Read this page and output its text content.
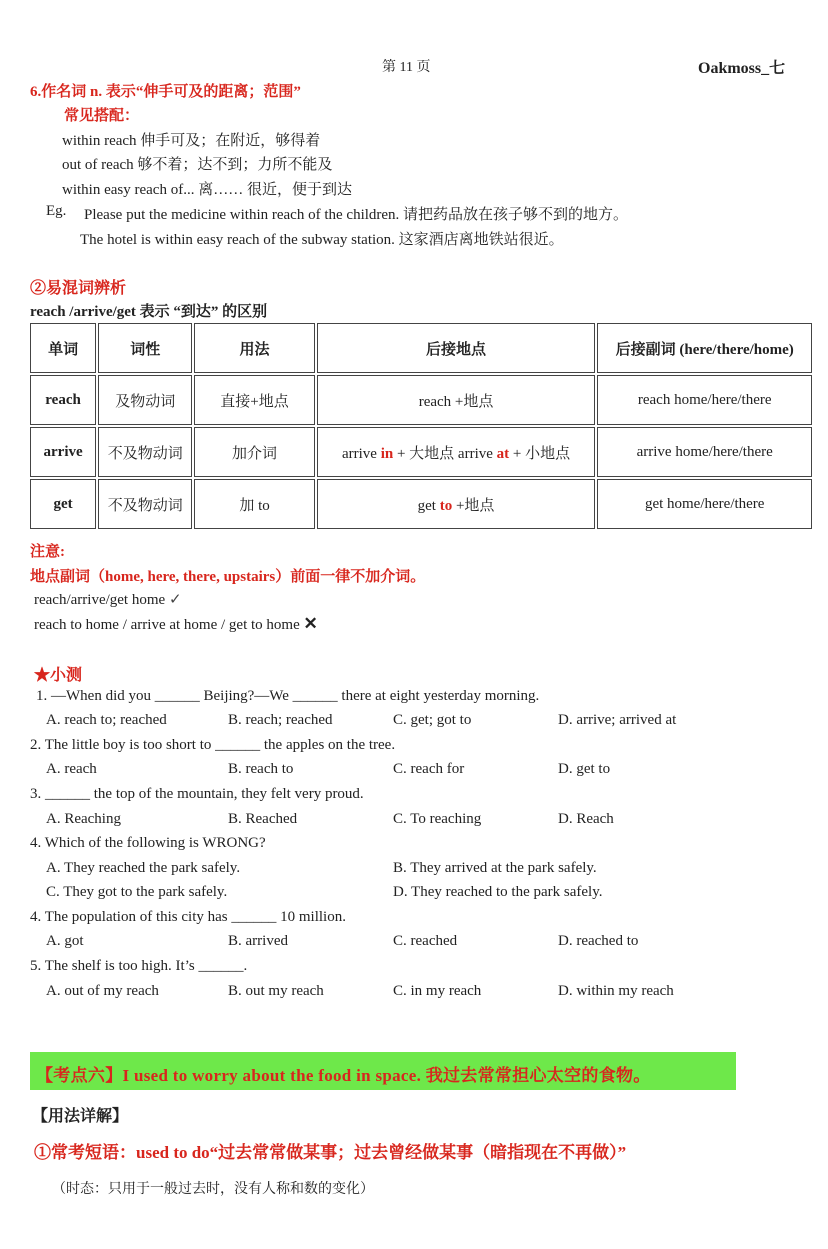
第 11 页	Oakmoss_七
6.作名词 n. 表示“伸手可及的距离；范围”
常见搭配：
within reach 伸手可及；在附近，够得着
out of reach 够不着；达不到；力所不能及
within easy reach of... 离…… 很近，便于到达
Eg. Please put the medicine within reach of the children. 请把药品放在孩子够不到的地方。
The hotel is within easy reach of the subway station. 这家酒店离地铁站很近。
②易混词辨析
reach /arrive/get 表示 “到达” 的区别
单词	词性	用法	后接地点	后接副词 (here/there/home)
reach	及物动词	直接+地点	reach +地点	reach home/here/there
arrive	不及物动词	加介词	arrive in + 大地点 arrive at + 小地点	arrive home/here/there
get	不及物动词	加 to	get to +地点	get home/here/there
注意:
地点副词（home, here, there, upstairs）前面一律不加介词。
reach/arrive/get home ✓
reach to home / arrive at home / get to home ✕
★小测
1. —When did you ______ Beijing?—We ______ there at eight yesterday morning.
A. reach to; reached	B. reach; reached	C. get; got to	D. arrive; arrived at
2. The little boy is too short to ______ the apples on the tree.
A. reach	B. reach to	C. reach for	D. get to
3. ______ the top of the mountain, they felt very proud.
A. Reaching	B. Reached	C. To reaching	D. Reach
4. Which of the following is WRONG?
A. They reached the park safely.	B. They arrived at the park safely.
C. They got to the park safely.	D. They reached to the park safely.
4. The population of this city has ______ 10 million.
A. got	B. arrived	C. reached	D. reached to
5. The shelf is too high. It’s ______.
A. out of my reach	B. out my reach	C. in my reach	D. within my reach
【考点六】I used to worry about the food in space. 我过去常常担心太空的食物。
【用法详解】
①常考短语：used to do“过去常常做某事；过去曾经做某事（暗指现在不再做）”
（时态：只用于一般过去时，没有人称和数的变化）
